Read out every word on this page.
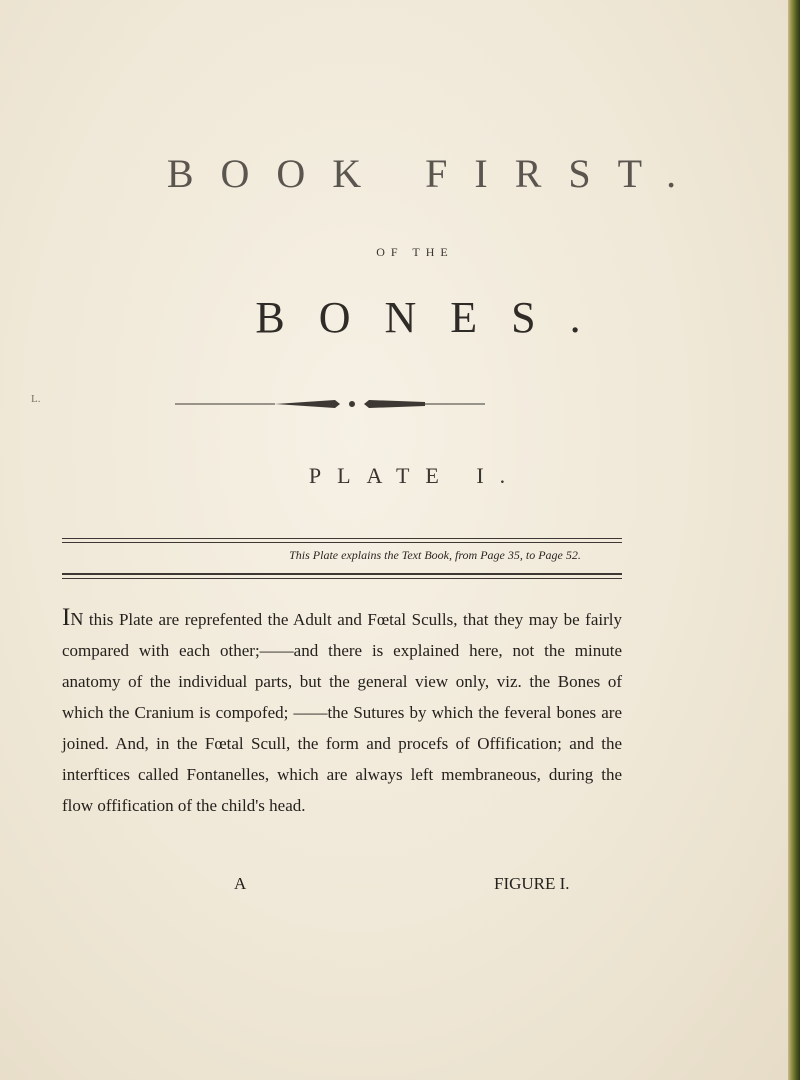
BOOK FIRST.
OF THE
BONES.
L.
PLATE I.
This Plate explains the Text Book, from Page 35, to Page 52.
IN this Plate are reprefented the Adult and Fœtal Sculls, that they may be fairly compared with each other;——and there is explained here, not the minute anatomy of the individual parts, but the general view only, viz. the Bones of which the Cranium is compofed; ——the Sutures by which the feveral bones are joined. And, in the Fœtal Scull, the form and procefs of Offification; and the interftices called Fontanelles, which are always left membraneous, during the flow offification of the child's head.
A	FIGURE I.
